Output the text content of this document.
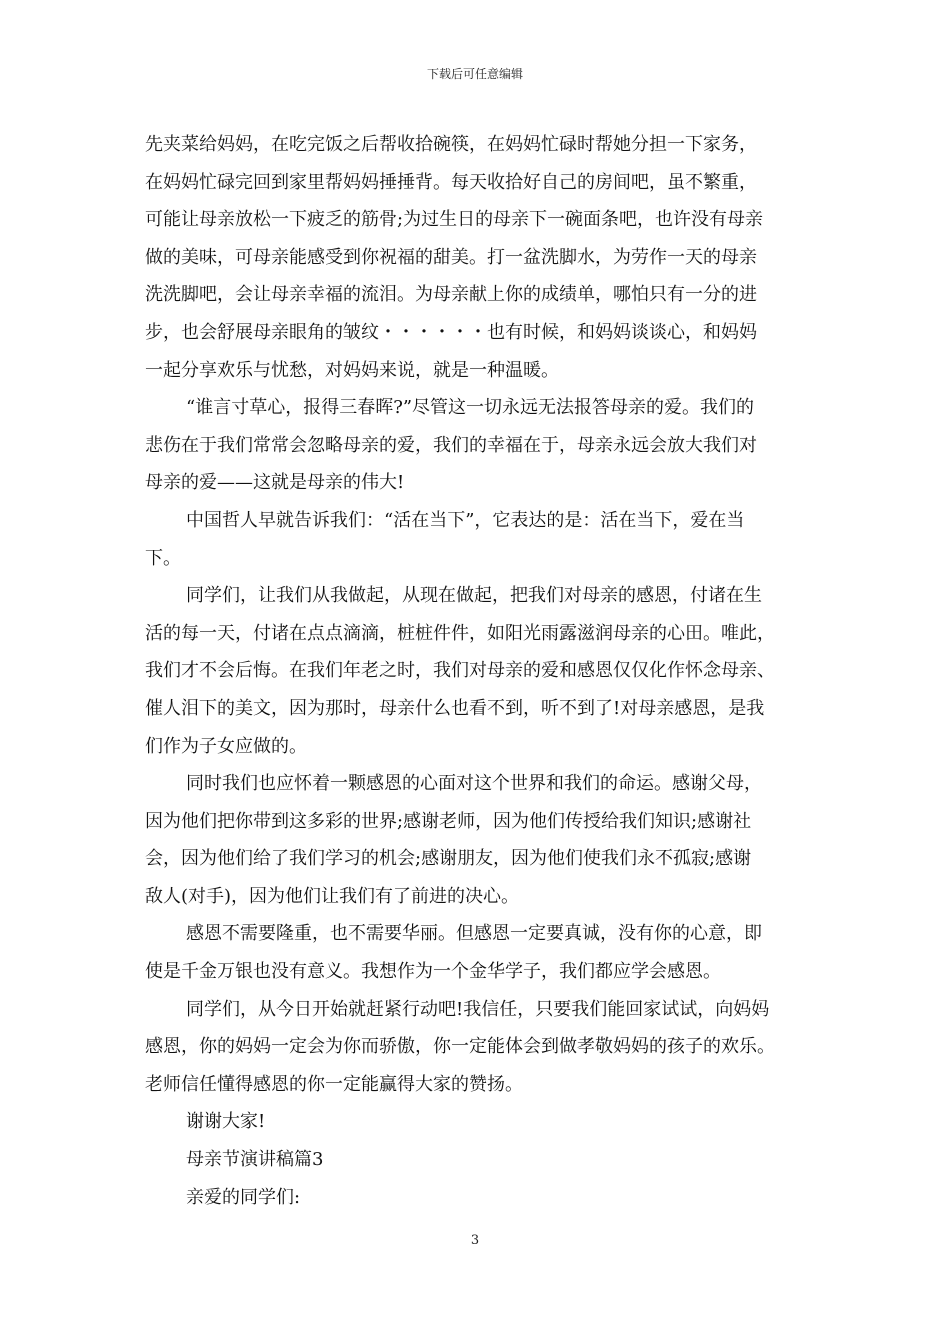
下载后可任意编辑
先夹菜给妈妈，在吃完饭之后帮收拾碗筷，在妈妈忙碌时帮她分担一下家务，
在妈妈忙碌完回到家里帮妈妈捶捶背。每天收拾好自己的房间吧，虽不繁重，
可能让母亲放松一下疲乏的筋骨;为过生日的母亲下一碗面条吧，也许没有母亲
做的美味，可母亲能感受到你祝福的甜美。打一盆洗脚水，为劳作一天的母亲
洗洗脚吧，会让母亲幸福的流泪。为母亲献上你的成绩单，哪怕只有一分的进
步，也会舒展母亲眼角的皱纹・・・・・・也有时候，和妈妈谈谈心，和妈妈
一起分享欢乐与忧愁，对妈妈来说，就是一种温暖。
“谁言寸草心，报得三春晖?”尽管这一切永远无法报答母亲的爱。我们的
悲伤在于我们常常会忽略母亲的爱，我们的幸福在于，母亲永远会放大我们对
母亲的爱——这就是母亲的伟大!
中国哲人早就告诉我们：“活在当下”，它表达的是：活在当下，爱在当
下。
同学们，让我们从我做起，从现在做起，把我们对母亲的感恩，付诸在生
活的每一天，付诸在点点滴滴，桩桩件件，如阳光雨露滋润母亲的心田。唯此，
我们才不会后悔。在我们年老之时，我们对母亲的爱和感恩仅仅化作怀念母亲、
催人泪下的美文，因为那时，母亲什么也看不到，听不到了!对母亲感恩，是我
们作为子女应做的。
同时我们也应怀着一颗感恩的心面对这个世界和我们的命运。感谢父母，
因为他们把你带到这多彩的世界;感谢老师，因为他们传授给我们知识;感谢社
会，因为他们给了我们学习的机会;感谢朋友，因为他们使我们永不孤寂;感谢
敌人(对手)，因为他们让我们有了前进的决心。
感恩不需要隆重，也不需要华丽。但感恩一定要真诚，没有你的心意，即
使是千金万银也没有意义。我想作为一个金华学子，我们都应学会感恩。
同学们，从今日开始就赶紧行动吧!我信任，只要我们能回家试试，向妈妈
感恩，你的妈妈一定会为你而骄傲，你一定能体会到做孝敬妈妈的孩子的欢乐。
老师信任懂得感恩的你一定能赢得大家的赞扬。
谢谢大家!
母亲节演讲稿篇3
亲爱的同学们:
3
